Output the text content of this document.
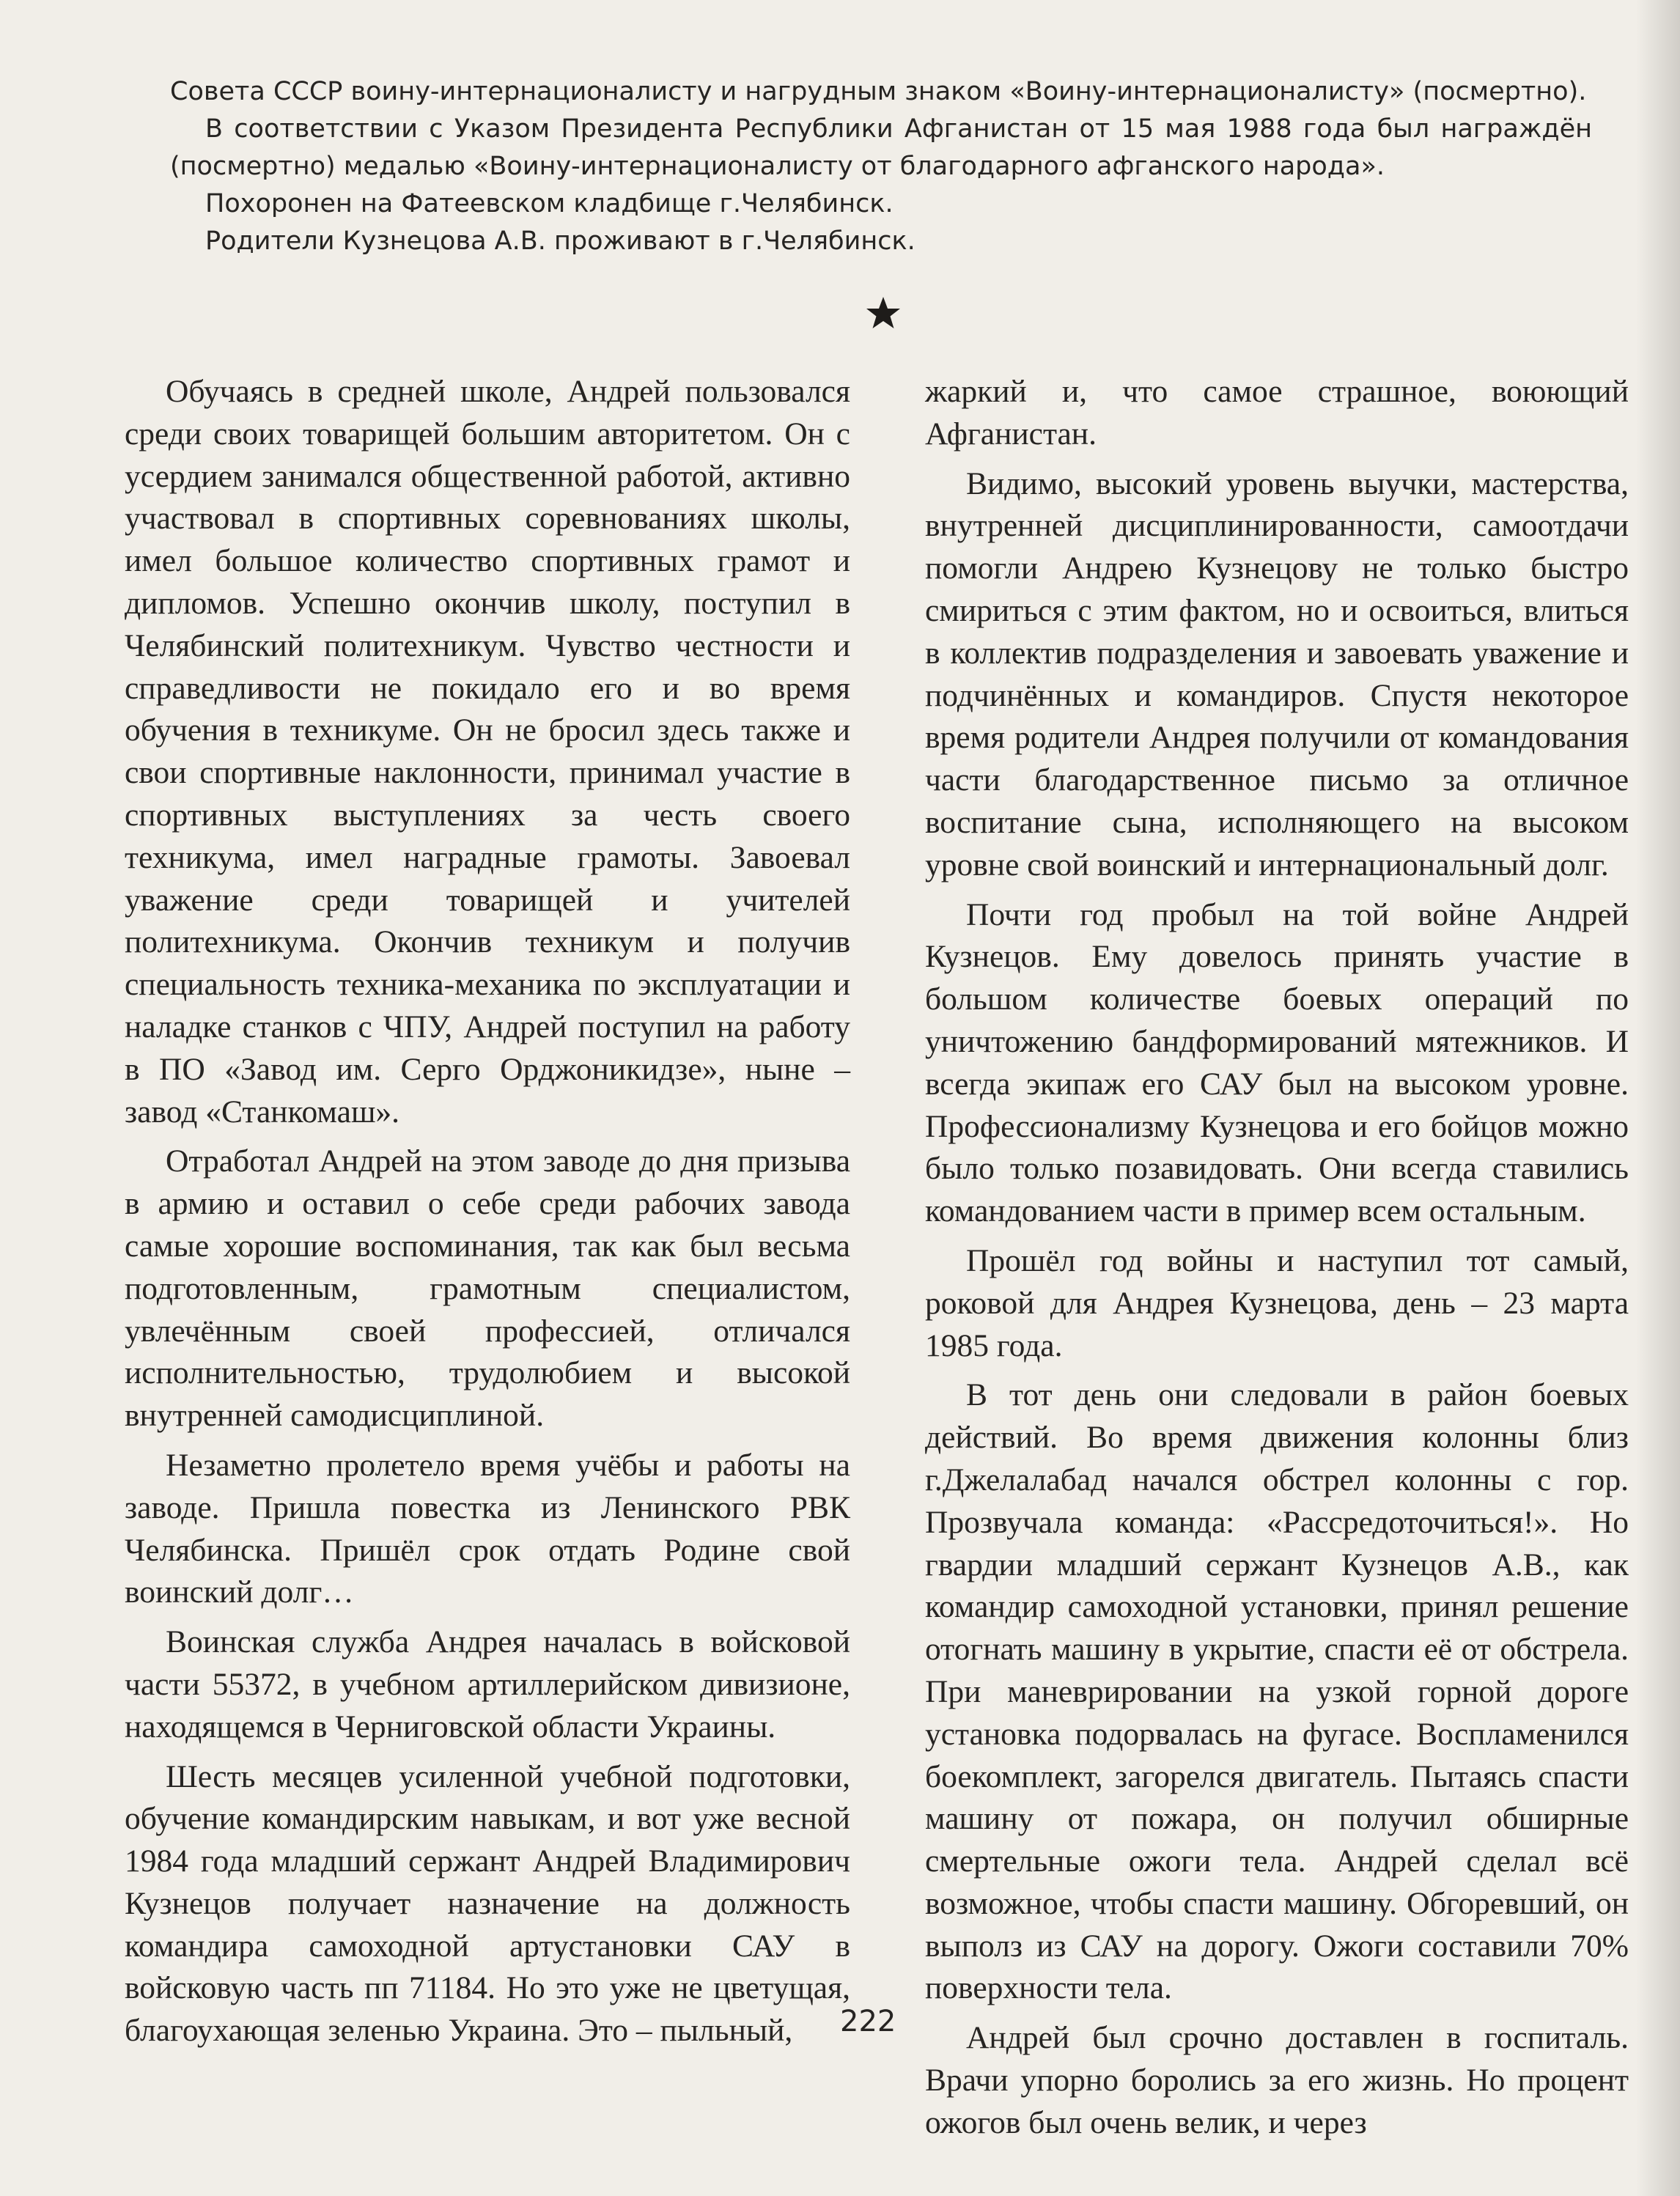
Совета СССР воину-интернационалисту и нагрудным знаком «Воину-интернационалисту» (посмертно).

В соответствии с Указом Президента Республики Афганистан от 15 мая 1988 года был награждён (посмертно) медалью «Воину-интернационалисту от благодарного афганского народа».

Похоронен на Фатеевском кладбище г.Челябинск.

Родители Кузнецова А.В. проживают в г.Челябинск.

Обучаясь в средней школе, Андрей пользовался среди своих товарищей большим авторитетом. Он с усердием занимался общественной работой, активно участвовал в спортивных соревнованиях школы, имел большое количество спортивных грамот и дипломов. Успешно окончив школу, поступил в Челябинский политехникум. Чувство честности и справедливости не покидало его и во время обучения в техникуме. Он не бросил здесь также и свои спортивные наклонности, принимал участие в спортивных выступлениях за честь своего техникума, имел наградные грамоты. Завоевал уважение среди товарищей и учителей политехникума. Окончив техникум и получив специальность техника-механика по эксплуатации и наладке станков с ЧПУ, Андрей поступил на работу в ПО «Завод им. Серго Орджоникидзе», ныне – завод «Станкомаш».

Отработал Андрей на этом заводе до дня призыва в армию и оставил о себе среди рабочих завода самые хорошие воспоминания, так как был весьма подготовленным, грамотным специалистом, увлечённым своей профессией, отличался исполнительностью, трудолюбием и высокой внутренней самодисциплиной.

Незаметно пролетело время учёбы и работы на заводе. Пришла повестка из Ленинского РВК Челябинска. Пришёл срок отдать Родине свой воинский долг…

Воинская служба Андрея началась в войсковой части 55372, в учебном артиллерийском дивизионе, находящемся в Черниговской области Украины.

Шесть месяцев усиленной учебной подготовки, обучение командирским навыкам, и вот уже весной 1984 года младший сержант Андрей Владимирович Кузнецов получает назначение на должность командира самоходной артустановки САУ в войсковую часть пп 71184. Но это уже не цветущая, благоухающая зеленью Украина. Это – пыльный,

жаркий и, что самое страшное, воюющий Афганистан.

Видимо, высокий уровень выучки, мастерства, внутренней дисциплинированности, самоотдачи помогли Андрею Кузнецову не только быстро смириться с этим фактом, но и освоиться, влиться в коллектив подразделения и завоевать уважение и подчинённых и командиров. Спустя некоторое время родители Андрея получили от командования части благодарственное письмо за отличное воспитание сына, исполняющего на высоком уровне свой воинский и интернациональный долг.

Почти год пробыл на той войне Андрей Кузнецов. Ему довелось принять участие в большом количестве боевых операций по уничтожению бандформирований мятежников. И всегда экипаж его САУ был на высоком уровне. Профессионализму Кузнецова и его бойцов можно было только позавидовать. Они всегда ставились командованием части в пример всем остальным.

Прошёл год войны и наступил тот самый, роковой для Андрея Кузнецова, день – 23 марта 1985 года.

В тот день они следовали в район боевых действий. Во время движения колонны близ г.Джелалабад начался обстрел колонны с гор. Прозвучала команда: «Рассредоточиться!». Но гвардии младший сержант Кузнецов А.В., как командир самоходной установки, принял решение отогнать машину в укрытие, спасти её от обстрела. При маневрировании на узкой горной дороге установка подорвалась на фугасе. Воспламенился боекомплект, загорелся двигатель. Пытаясь спасти машину от пожара, он получил обширные смертельные ожоги тела. Андрей сделал всё возможное, чтобы спасти машину. Обгоревший, он выполз из САУ на дорогу. Ожоги составили 70% поверхности тела.

Андрей был срочно доставлен в госпиталь. Врачи упорно боролись за его жизнь. Но процент ожогов был очень велик, и через

222
